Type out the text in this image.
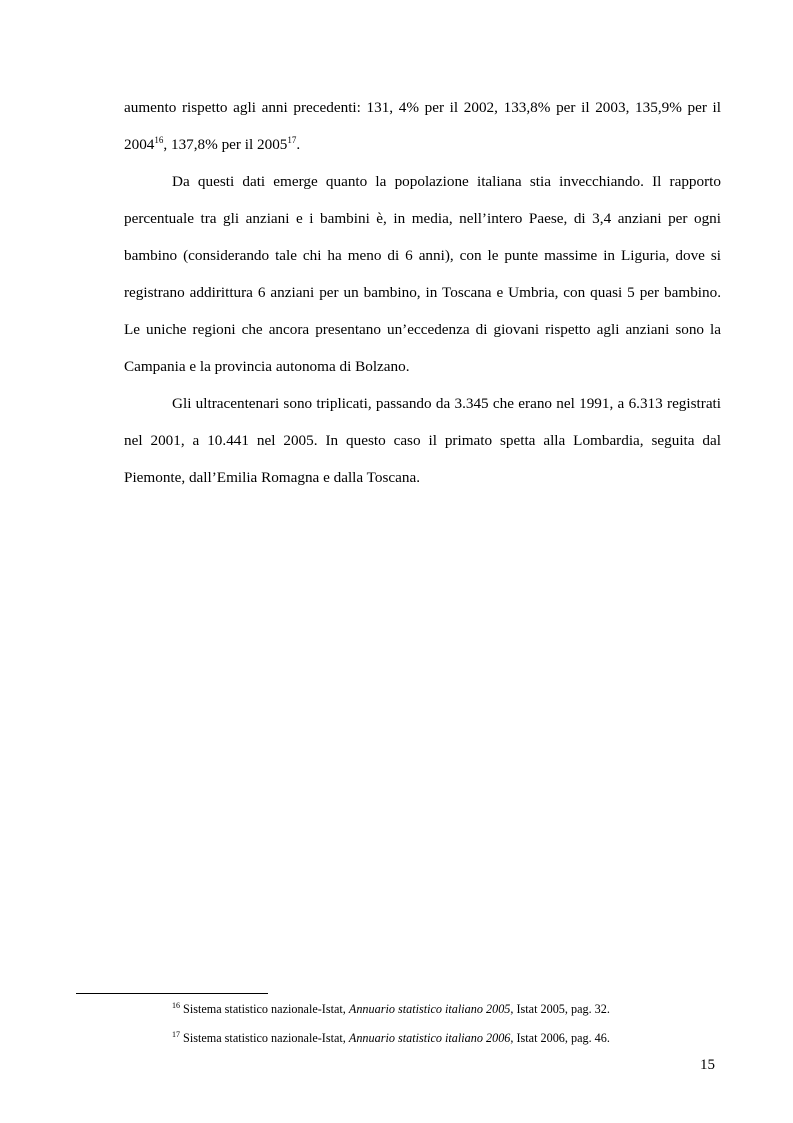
aumento rispetto agli anni precedenti: 131, 4% per il 2002, 133,8% per il 2003, 135,9% per il 2004$^{16}$, 137,8% per il 2005$^{17}$.

Da questi dati emerge quanto la popolazione italiana stia invecchiando. Il rapporto percentuale tra gli anziani e i bambini è, in media, nell’intero Paese, di 3,4 anziani per ogni bambino (considerando tale chi ha meno di 6 anni), con le punte massime in Liguria, dove si registrano addirittura 6 anziani per un bambino, in Toscana e Umbria, con quasi 5 per bambino. Le uniche regioni che ancora presentano un’eccedenza di giovani rispetto agli anziani sono la Campania e la provincia autonoma di Bolzano.

Gli ultracentenari sono triplicati, passando da 3.345 che erano nel 1991, a 6.313 registrati nel 2001, a 10.441 nel 2005. In questo caso il primato spetta alla Lombardia, seguita dal Piemonte, dall’Emilia Romagna e dalla Toscana.

$^{16}$ Sistema statistico nazionale-Istat, Annuario statistico italiano 2005, Istat 2005, pag. 32.

$^{17}$ Sistema statistico nazionale-Istat, Annuario statistico italiano 2006, Istat 2006, pag. 46.

15
